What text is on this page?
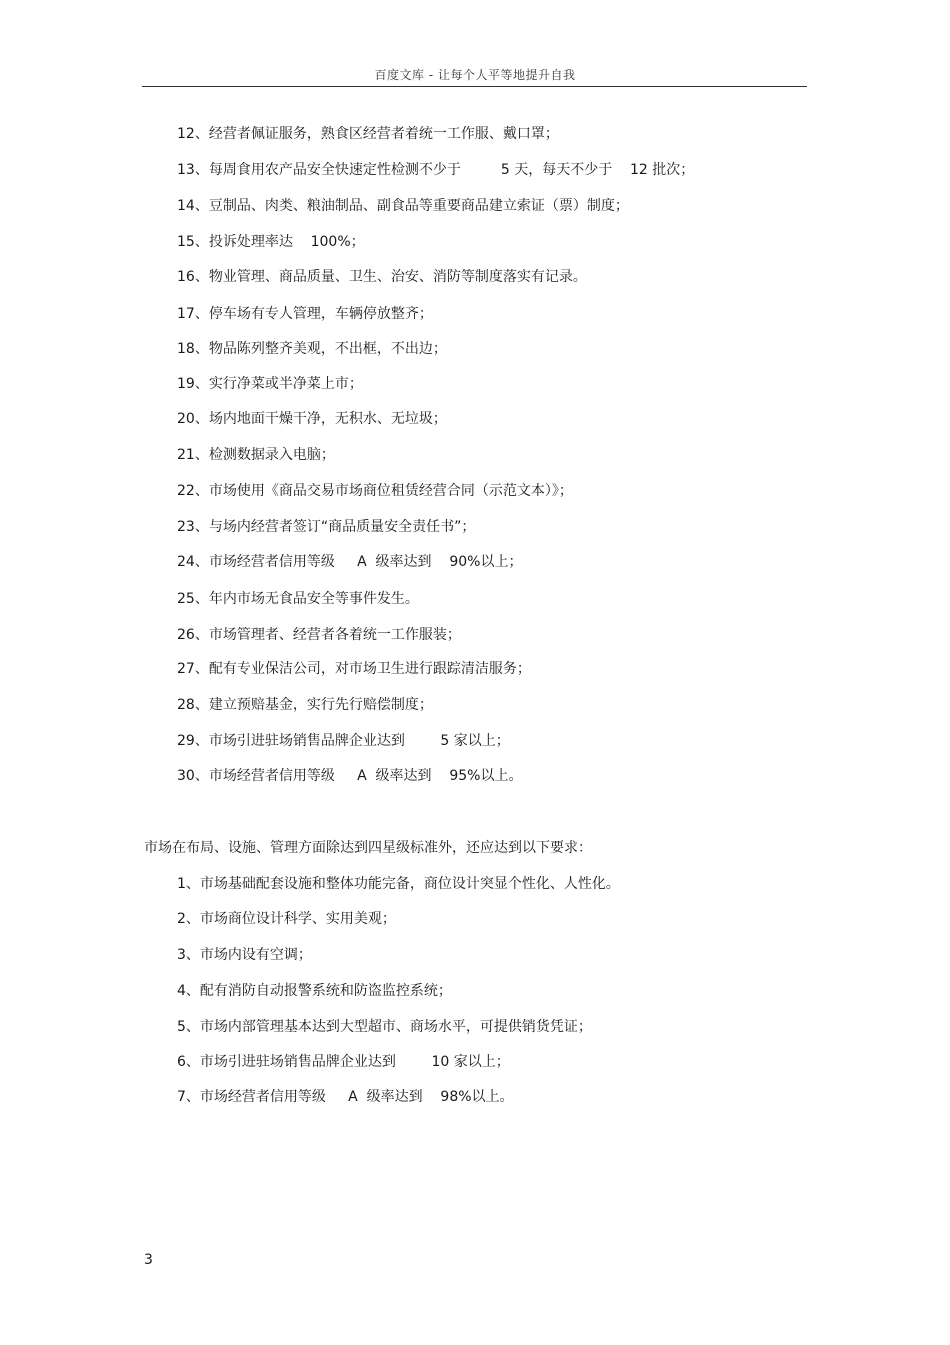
百度文库 - 让每个人平等地提升自我
12、经营者佩证服务，熟食区经营者着统一工作服、戴口罩；
13、每周食用农产品安全快速定性检测不少于         5 天，每天不少于    12 批次；
14、豆制品、肉类、粮油制品、副食品等重要商品建立索证（票）制度；
15、投诉处理率达    100%；
16、物业管理、商品质量、卫生、治安、消防等制度落实有记录。
17、停车场有专人管理，车辆停放整齐；
18、物品陈列整齐美观，不出框，不出边；
19、实行净菜或半净菜上市；
20、场内地面干燥干净，无积水、无垃圾；
21、检测数据录入电脑；
22、市场使用《商品交易市场商位租赁经营合同（示范文本）》；
23、与场内经营者签订“商品质量安全责任书”；
24、市场经营者信用等级     A  级率达到    90%以上；
25、年内市场无食品安全等事件发生。
26、市场管理者、经营者各着统一工作服装；
27、配有专业保洁公司，对市场卫生进行跟踪清洁服务；
28、建立预赔基金，实行先行赔偿制度；
29、市场引进驻场销售品牌企业达到        5 家以上；
30、市场经营者信用等级     A  级率达到    95%以上。
市场在布局、设施、管理方面除达到四星级标准外，还应达到以下要求：
1、市场基础配套设施和整体功能完备，商位设计突显个性化、人性化。
2、市场商位设计科学、实用美观；
3、市场内设有空调；
4、配有消防自动报警系统和防盗监控系统；
5、市场内部管理基本达到大型超市、商场水平，可提供销货凭证；
6、市场引进驻场销售品牌企业达到        10 家以上；
7、市场经营者信用等级     A  级率达到    98%以上。
3
